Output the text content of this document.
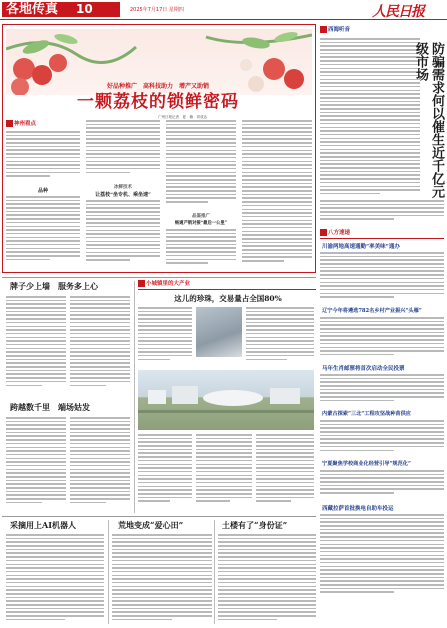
各地传真 10	2025年7月17日 星期四	人民日报
好品种推广　高科技助力　增产又助销
一颗荔枝的锁鲜密码
广州日报记者　夏　楠　刘成达
神州看点
品种
冰鲜技术
让荔枝“坐专机、乘坐速”
品鉴推广
畅通产销对接“最后一公里”
西海听音
防骗需求何以催生近千亿元级市场
八方速递
川渝两地高速通勤“率美味”通办
辽宁今年将遴选782名乡村产业振兴“头雁”
马年生肖邮票将首次启动全民投票
内蒙古探索“三北”工程攻坚战种苗供应
宁夏聚焦学校商业化经营引导“规范化”
西藏拉萨首批换电自助车投运
牌子少上墙　服务多上心
跨越数千里　端场姑发
小城镇里的大产业
这儿的珍珠，交易量占全国80%
采摘用上AI机器人	荒地变成“爱心田”	土楼有了“身份证”
